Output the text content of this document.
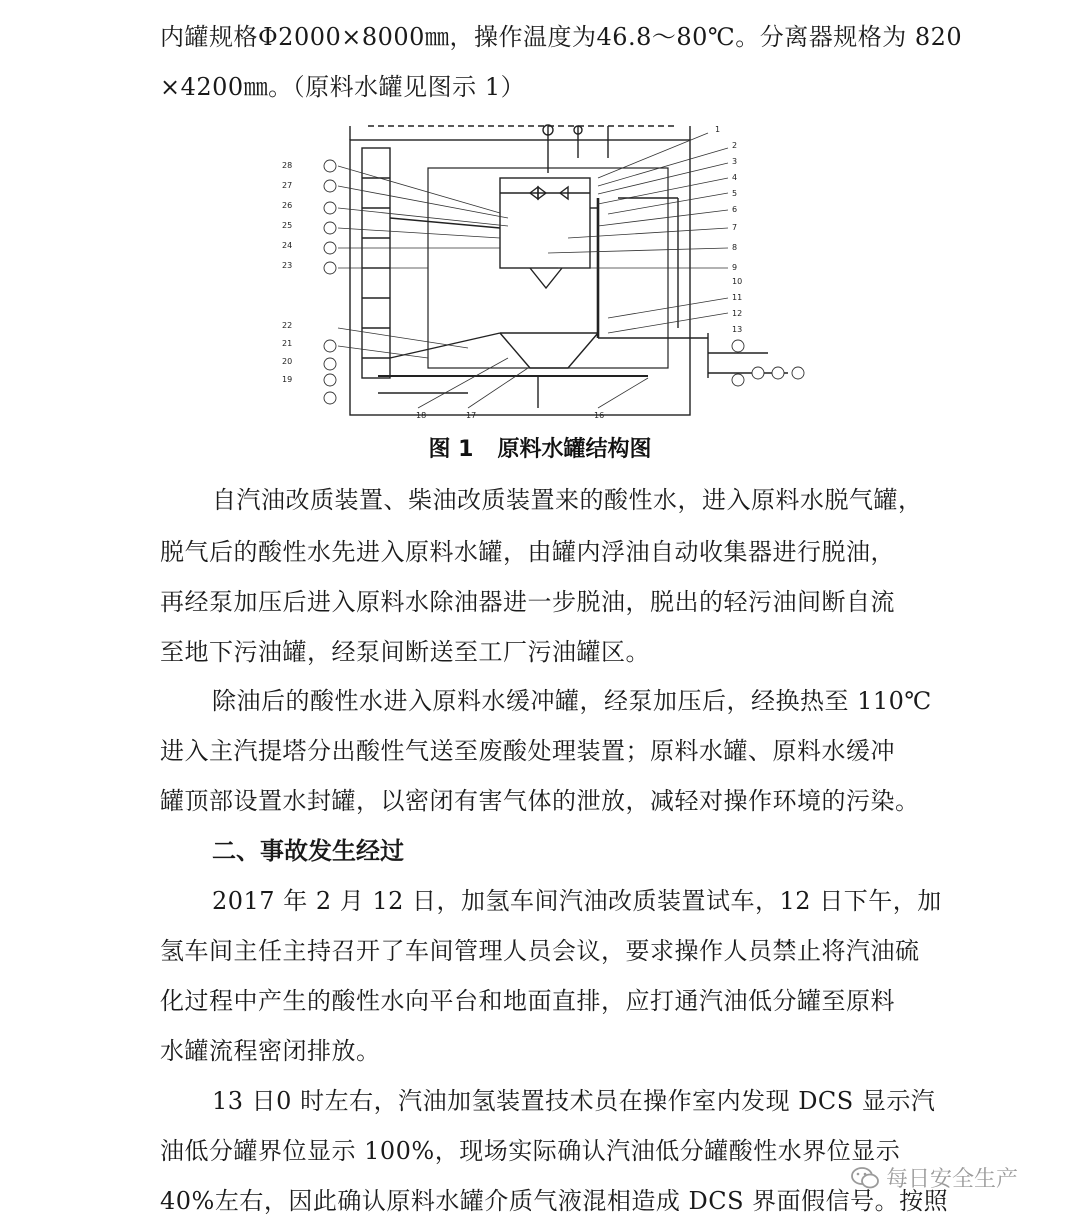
内罐规格Φ2000×8000㎜，操作温度为46.8～80℃。分离器规格为 820
×4200㎜。（原料水罐见图示 1）
1
2
3
4
5
6
7
8
9
10
11
12
13
28
27
26
25
24
23
22
21
20
19
18	17	16
图 1 原料水罐结构图
自汽油改质装置、柴油改质装置来的酸性水，进入原料水脱气罐，
脱气后的酸性水先进入原料水罐，由罐内浮油自动收集器进行脱油，
再经泵加压后进入原料水除油器进一步脱油，脱出的轻污油间断自流
至地下污油罐，经泵间断送至工厂污油罐区。
除油后的酸性水进入原料水缓冲罐，经泵加压后，经换热至 110℃
进入主汽提塔分出酸性气送至废酸处理装置；原料水罐、原料水缓冲
罐顶部设置水封罐，以密闭有害气体的泄放，减轻对操作环境的污染。
二、事故发生经过
2017 年 2 月 12 日，加氢车间汽油改质装置试车，12 日下午，加
氢车间主任主持召开了车间管理人员会议，要求操作人员禁止将汽油硫
化过程中产生的酸性水向平台和地面直排，应打通汽油低分罐至原料
水罐流程密闭排放。
13 日0 时左右，汽油加氢装置技术员在操作室内发现 DCS 显示汽
油低分罐界位显示 100%，现场实际确认汽油低分罐酸性水界位显示
40%左右，因此确认原料水罐介质气液混相造成 DCS 界面假信号。按照
每日安全生产
